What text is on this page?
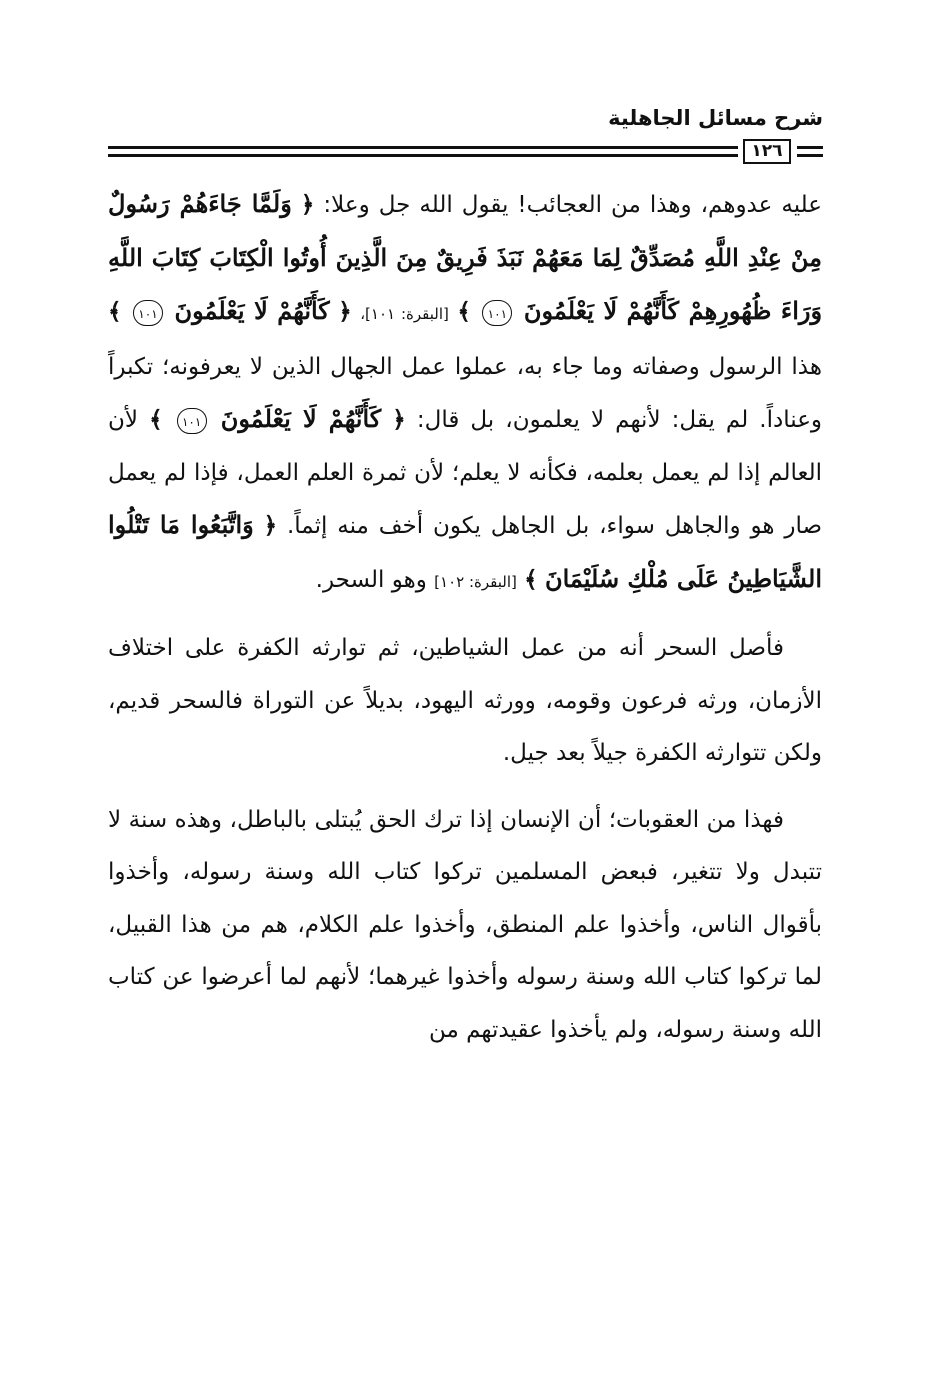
شرح مسائل الجاهلية
١٢٦

عليه عدوهم، وهذا من العجائب! يقول الله جل وعلا: ﴿ وَلَمَّا جَاءَهُمْ رَسُولٌ مِنْ عِنْدِ اللَّهِ مُصَدِّقٌ لِمَا مَعَهُمْ نَبَذَ فَرِيقٌ مِنَ الَّذِينَ أُوتُوا الْكِتَابَ كِتَابَ اللَّهِ وَرَاءَ ظُهُورِهِمْ كَأَنَّهُمْ لَا يَعْلَمُونَ ١٠١ ﴾ [البقرة: ١٠١]، ﴿ كَأَنَّهُمْ لَا يَعْلَمُونَ ١٠١ ﴾ هذا الرسول وصفاته وما جاء به، عملوا عمل الجهال الذين لا يعرفونه؛ تكبراً وعناداً. لم يقل: لأنهم لا يعلمون، بل قال: ﴿ كَأَنَّهُمْ لَا يَعْلَمُونَ ١٠١ ﴾ لأن العالم إذا لم يعمل بعلمه، فكأنه لا يعلم؛ لأن ثمرة العلم العمل، فإذا لم يعمل صار هو والجاهل سواء، بل الجاهل يكون أخف منه إثماً. ﴿ وَاتَّبَعُوا مَا تَتْلُوا الشَّيَاطِينُ عَلَى مُلْكِ سُلَيْمَانَ ﴾ [البقرة: ١٠٢] وهو السحر.

فأصل السحر أنه من عمل الشياطين، ثم توارثه الكفرة على اختلاف الأزمان، ورثه فرعون وقومه، وورثه اليهود، بديلاً عن التوراة فالسحر قديم، ولكن تتوارثه الكفرة جيلاً بعد جيل.

فهذا من العقوبات؛ أن الإنسان إذا ترك الحق يُبتلى بالباطل، وهذه سنة لا تتبدل ولا تتغير، فبعض المسلمين تركوا كتاب الله وسنة رسوله، وأخذوا بأقوال الناس، وأخذوا علم المنطق، وأخذوا علم الكلام، هم من هذا القبيل، لما تركوا كتاب الله وسنة رسوله وأخذوا غيرهما؛ لأنهم لما أعرضوا عن كتاب الله وسنة رسوله، ولم يأخذوا عقيدتهم من
